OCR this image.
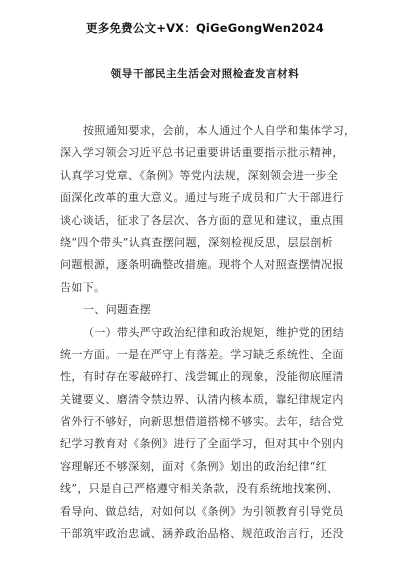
更多免费公文+VX：QiGeGongWen2024
领导干部民主生活会对照检查发言材料
按照通知要求，会前，本人通过个人自学和集体学习，
深入学习领会习近平总书记重要讲话重要指示批示精神，
认真学习党章、《条例》等党内法规，深刻领会进一步全
面深化改革的重大意义。通过与班子成员和广大干部进行
谈心谈话，征求了各层次、各方面的意见和建议，重点围
绕“四个带头”认真查摆问题，深刻检视反思，层层剖析
问题根源，逐条明确整改措施。现将个人对照查摆情况报
告如下。
一、问题查摆
（一）带头严守政治纪律和政治规矩，维护党的团结
统一方面。一是在严守上有落差。学习缺乏系统性、全面
性，有时存在零敲碎打、浅尝辄止的现象，没能彻底厘清
关键要义、磨清令禁边界、认清内核本质，靠纪律规定内
省外行不够好，向新思想借道搭梯不够实。去年，结合党
纪学习教育对《条例》进行了全面学习，但对其中个别内
容理解还不够深刻，面对《条例》划出的政治纪律“红
线”，只是自己严格遵守相关条款，没有系统地找案例、
看导向、做总结，对如何以《条例》为引领教育引导党员
干部筑牢政治忠诚、涵养政治品格、规范政治言行，还没
